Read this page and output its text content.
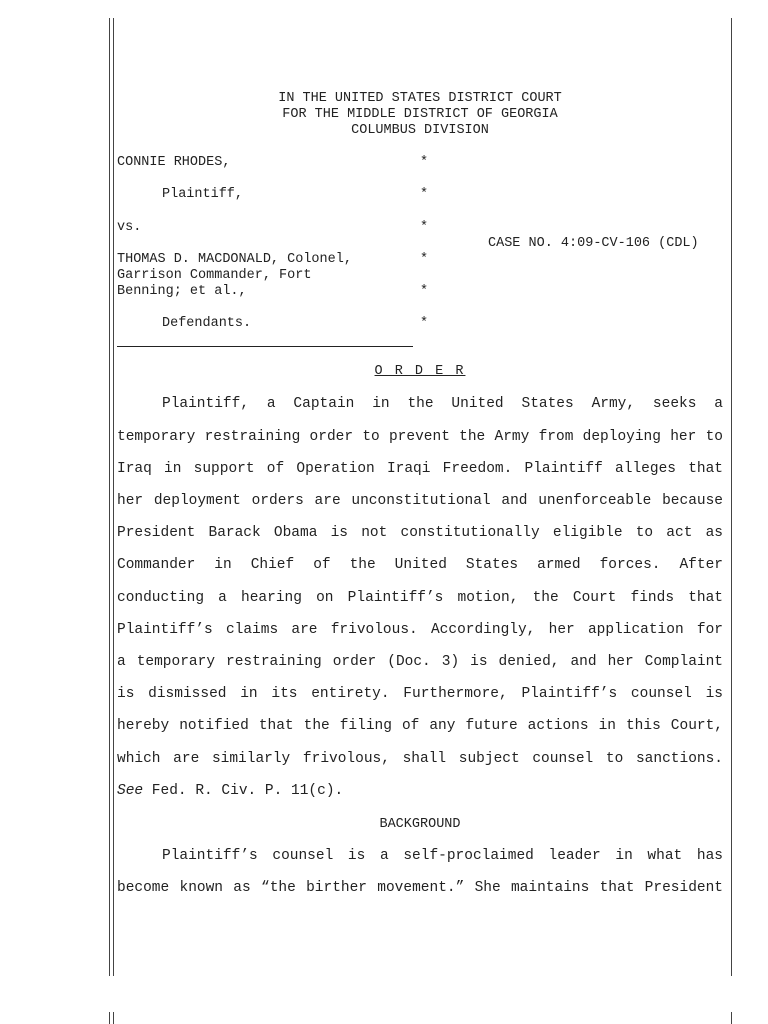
IN THE UNITED STATES DISTRICT COURT
FOR THE MIDDLE DISTRICT OF GEORGIA
COLUMBUS DIVISION
CONNIE RHODES,	*
Plaintiff,	*
vs.	*
CASE NO. 4:09-CV-106 (CDL)
THOMAS D. MACDONALD, Colonel,	*
Garrison Commander, Fort
Benning; et al.,	*
Defendants.	*
O R D E R
Plaintiff, a Captain in the United States Army, seeks a
temporary restraining order to prevent the Army from deploying her to
Iraq in support of Operation Iraqi Freedom. Plaintiff alleges that
her deployment orders are unconstitutional and unenforceable because
President Barack Obama is not constitutionally eligible to act as
Commander in Chief of the United States armed forces. After
conducting a hearing on Plaintiff’s motion, the Court finds that
Plaintiff’s claims are frivolous. Accordingly, her application for
a temporary restraining order (Doc. 3) is denied, and her Complaint
is dismissed in its entirety. Furthermore, Plaintiff’s counsel is
hereby notified that the filing of any future actions in this Court,
which are similarly frivolous, shall subject counsel to sanctions.
See Fed. R. Civ. P. 11(c).
BACKGROUND
Plaintiff’s counsel is a self-proclaimed leader in what has
become known as “the birther movement.” She maintains that President
